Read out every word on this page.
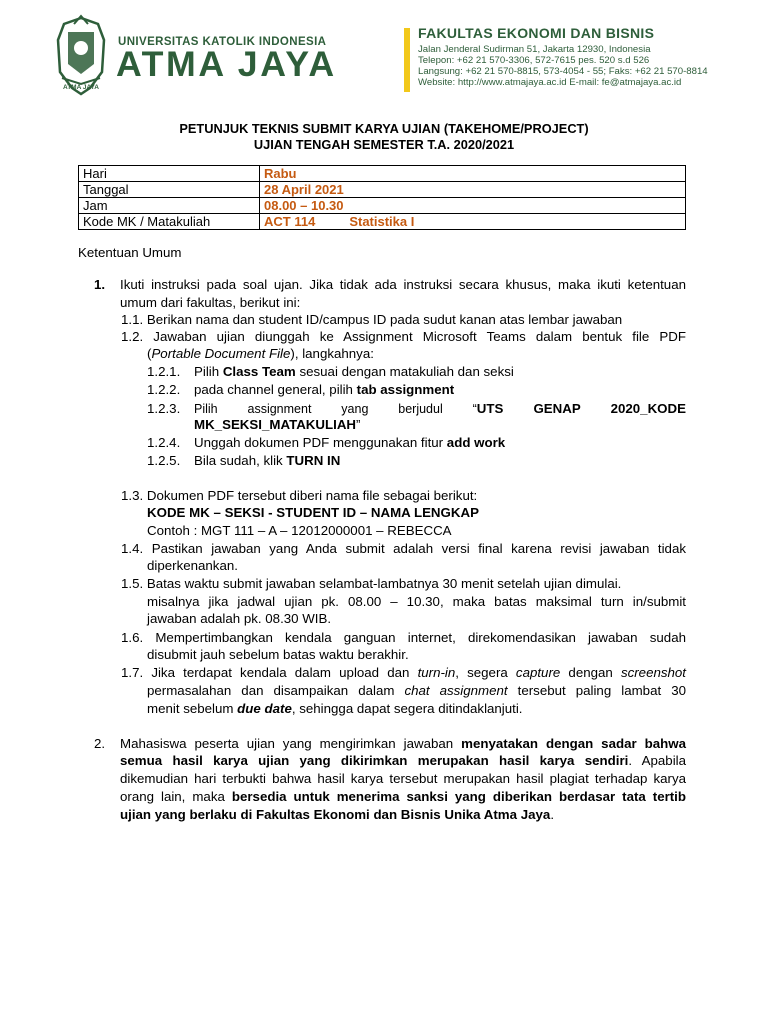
ATMA JAYA
UNIVERSITAS KATOLIK INDONESIA
ATMA JAYA
FAKULTAS EKONOMI DAN BISNIS
Jalan Jenderal Sudirman 51, Jakarta 12930, Indonesia
Telepon: +62 21 570-3306, 572-7615 pes. 520 s.d 526
Langsung: +62 21 570-8815, 573-4054 - 55; Faks: +62 21 570-8814
Website: http://www.atmajaya.ac.id E-mail: fe@atmajaya.ac.id
PETUNJUK TEKNIS SUBMIT KARYA UJIAN (TAKEHOME/PROJECT)
UJIAN TENGAH SEMESTER T.A. 2020/2021
Hari	Rabu
Tanggal	28 April 2021
Jam	08.00 – 10.30
Kode MK / Matakuliah	ACT 114 Statistika I
Ketentuan Umum
1. Ikuti instruksi pada soal ujan. Jika tidak ada instruksi secara khusus, maka ikuti ketentuan
umum dari fakultas, berikut ini:
1.1. Berikan nama dan student ID/campus ID pada sudut kanan atas lembar jawaban
1.2. Jawaban ujian diunggah ke Assignment Microsoft Teams dalam bentuk file PDF
(Portable Document File), langkahnya:
1.2.1. Pilih Class Team sesuai dengan matakuliah dan seksi
1.2.2. pada channel general, pilih tab assignment
1.2.3. Pilih assignment yang berjudul “UTS GENAP 2020_KODE
MK_SEKSI_MATAKULIAH”
1.2.4. Unggah dokumen PDF menggunakan fitur add work
1.2.5. Bila sudah, klik TURN IN
1.3. Dokumen PDF tersebut diberi nama file sebagai berikut:
KODE MK – SEKSI - STUDENT ID – NAMA LENGKAP
Contoh : MGT 111 – A – 12012000001 – REBECCA
1.4. Pastikan jawaban yang Anda submit adalah versi final karena revisi jawaban tidak
diperkenankan.
1.5. Batas waktu submit jawaban selambat-lambatnya 30 menit setelah ujian dimulai.
misalnya jika jadwal ujian pk. 08.00 – 10.30, maka batas maksimal turn in/submit
jawaban adalah pk. 08.30 WIB.
1.6. Mempertimbangkan kendala ganguan internet, direkomendasikan jawaban sudah
disubmit jauh sebelum batas waktu berakhir.
1.7. Jika terdapat kendala dalam upload dan turn-in, segera capture dengan screenshot
permasalahan dan disampaikan dalam chat assignment tersebut paling lambat 30
menit sebelum due date, sehingga dapat segera ditindaklanjuti.
2. Mahasiswa peserta ujian yang mengirimkan jawaban menyatakan dengan sadar bahwa
semua hasil karya ujian yang dikirimkan merupakan hasil karya sendiri. Apabila
dikemudian hari terbukti bahwa hasil karya tersebut merupakan hasil plagiat terhadap karya
orang lain, maka bersedia untuk menerima sanksi yang diberikan berdasar tata tertib
ujian yang berlaku di Fakultas Ekonomi dan Bisnis Unika Atma Jaya.
